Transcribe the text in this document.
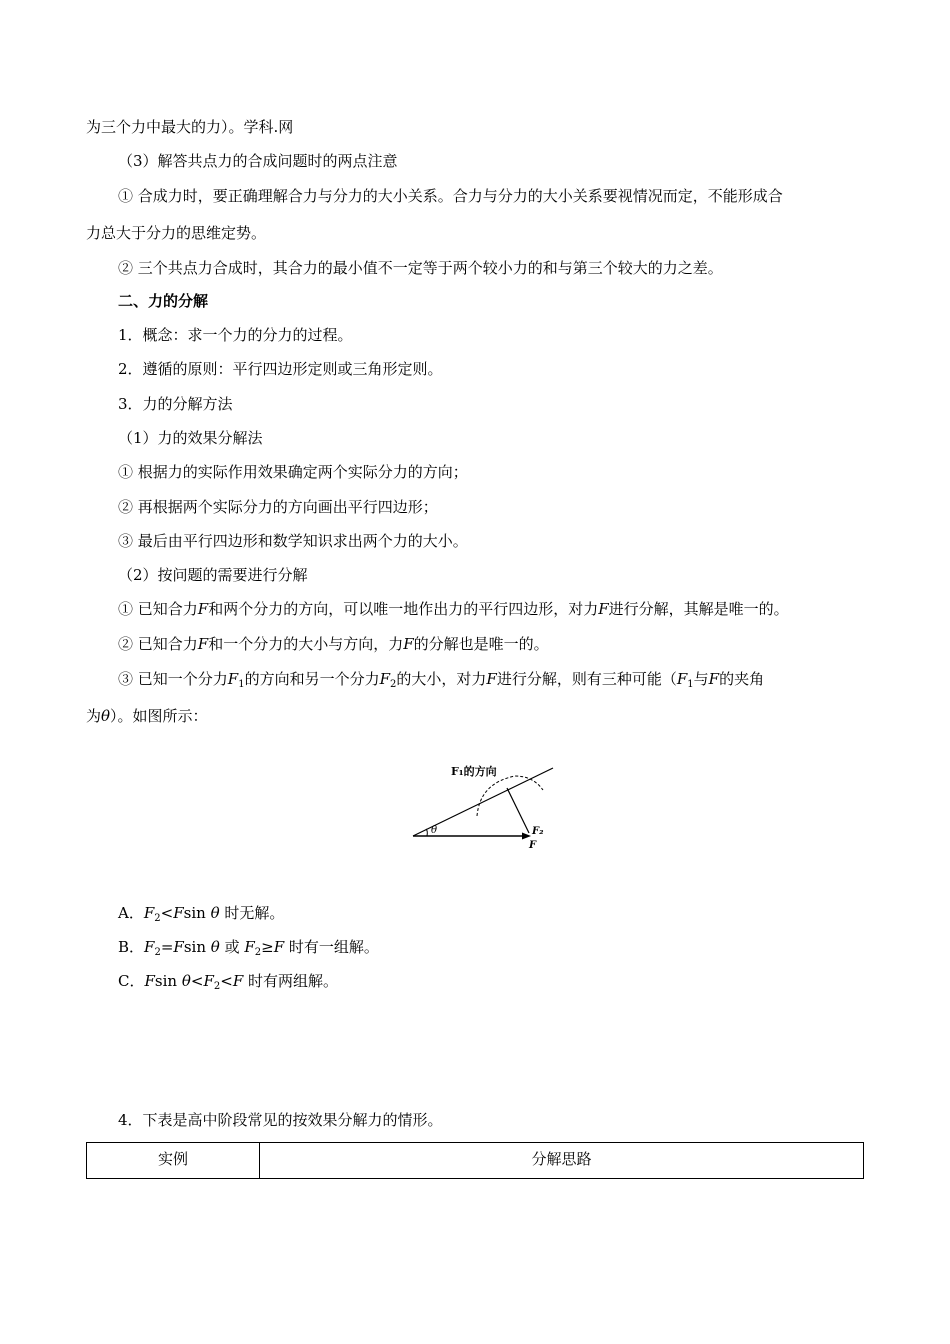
为三个力中最大的力）。学科.网
（3）解答共点力的合成问题时的两点注意
① 合成力时，要正确理解合力与分力的大小关系。合力与分力的大小关系要视情况而定，不能形成合
力总大于分力的思维定势。
② 三个共点力合成时，其合力的最小值不一定等于两个较小力的和与第三个较大的力之差。
二、力的分解
1．概念：求一个力的分力的过程。
2．遵循的原则：平行四边形定则或三角形定则。
3．力的分解方法
（1）力的效果分解法
① 根据力的实际作用效果确定两个实际分力的方向；
② 再根据两个实际分力的方向画出平行四边形；
③ 最后由平行四边形和数学知识求出两个力的大小。
（2）按问题的需要进行分解
① 已知合力F和两个分力的方向，可以唯一地作出力的平行四边形，对力F进行分解，其解是唯一的。
② 已知合力F和一个分力的大小与方向，力F的分解也是唯一的。
③ 已知一个分力$F_1$的方向和另一个分力$F_2$的大小，对力F进行分解，则有三种可能（$F_1$与F的夹角
为θ）。如图所示：
F₁的方向
θ	F₂
F
A．$F_2<Fsin$ θ 时无解。
B．$F_2=Fsin$ θ 或 $F_2\ge F$ 时有一组解。
C．Fsin $\theta<F_2<F$ 时有两组解。
4．下表是高中阶段常见的按效果分解力的情形。
实例	分解思路
